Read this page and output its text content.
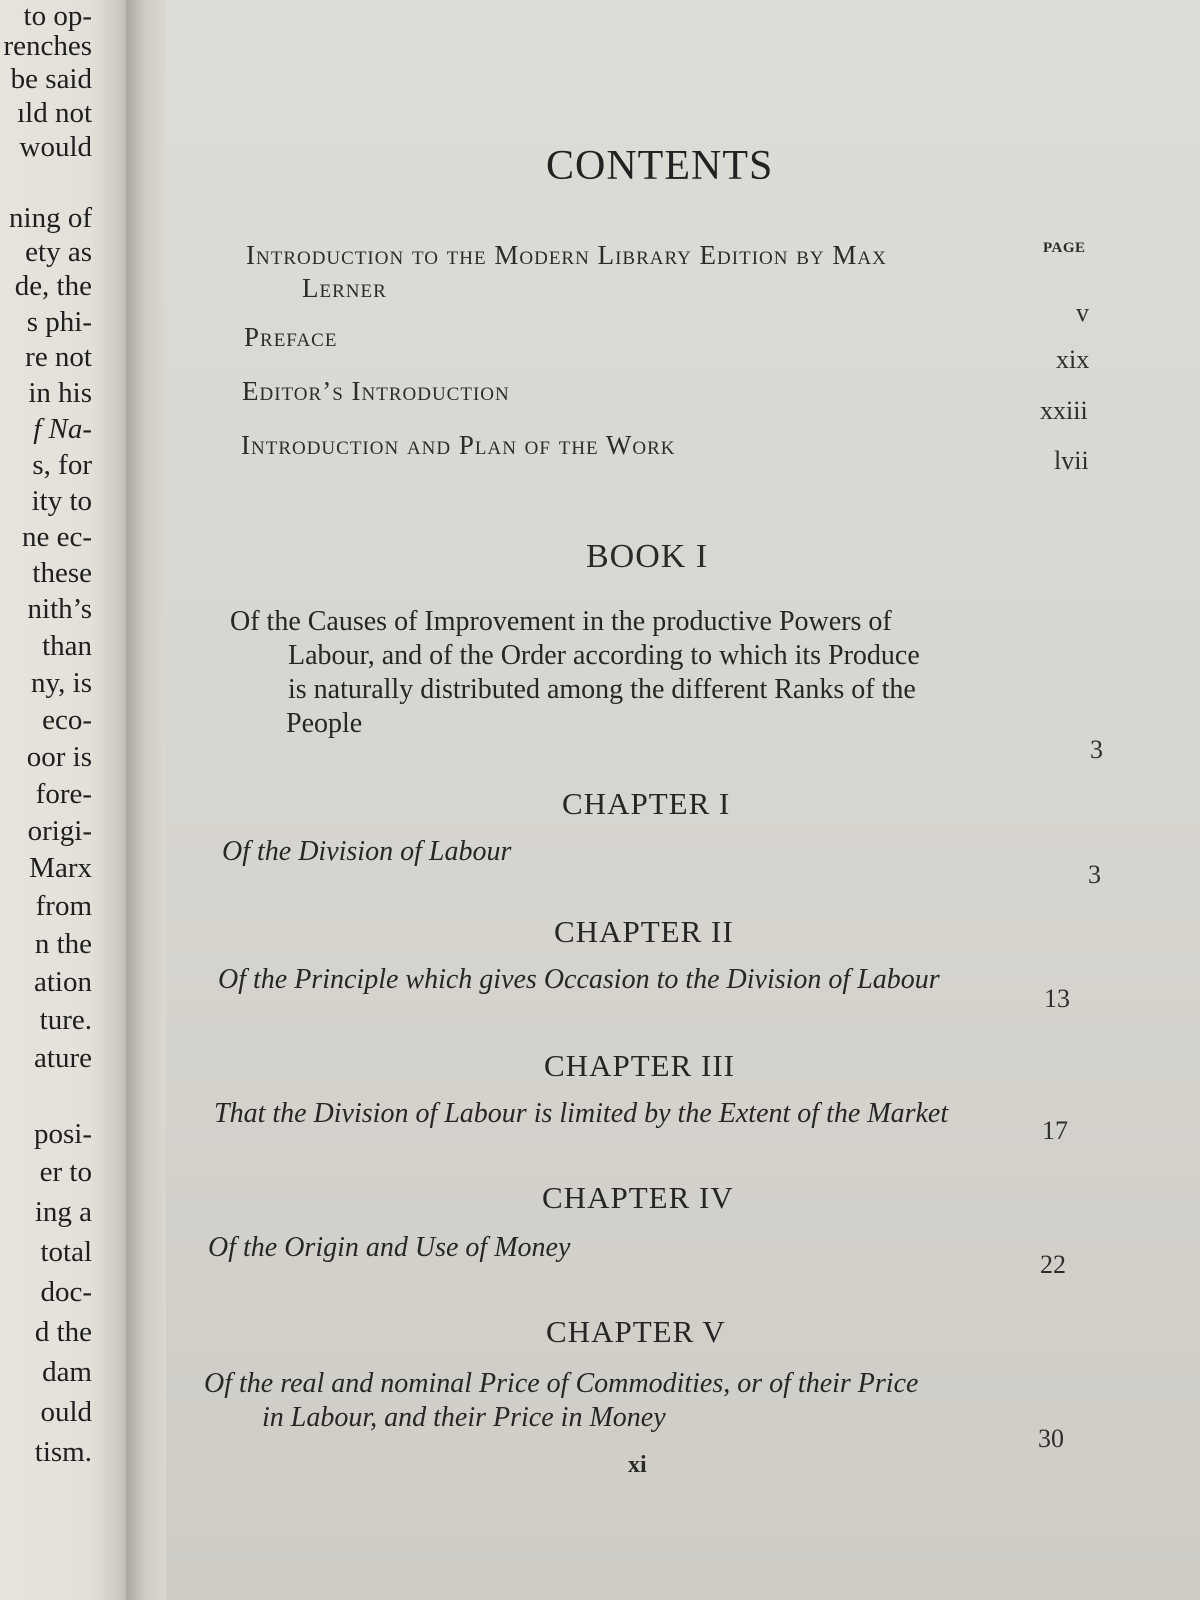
to op-
renches
be said
ıld not
would
ning of
ety as
de, the
s phi-
re not
in his
f Na-
s, for
ity to
ne ec-
these
nith’s
than
ny, is
eco-
oor is
fore-
origi-
Marx
from
n the
ation
ture.
ature
posi-
er to
ing a
total
doc-
d the
dam
ould
tism.
CONTENTS
PAGE
Introduction to the Modern Library Edition by Max
Lerner
v
Preface
xix
Editor’s Introduction
xxiii
Introduction and Plan of the Work
lvii
BOOK I
Of the Causes of Improvement in the productive Powers of
Labour, and of the Order according to which its Produce
is naturally distributed among the different Ranks of the
People
3
CHAPTER I
Of the Division of Labour
3
CHAPTER II
Of the Principle which gives Occasion to the Division of Labour
13
CHAPTER III
That the Division of Labour is limited by the Extent of the Market
17
CHAPTER IV
Of the Origin and Use of Money
22
CHAPTER V
Of the real and nominal Price of Commodities, or of their Price
in Labour, and their Price in Money
30
xi
